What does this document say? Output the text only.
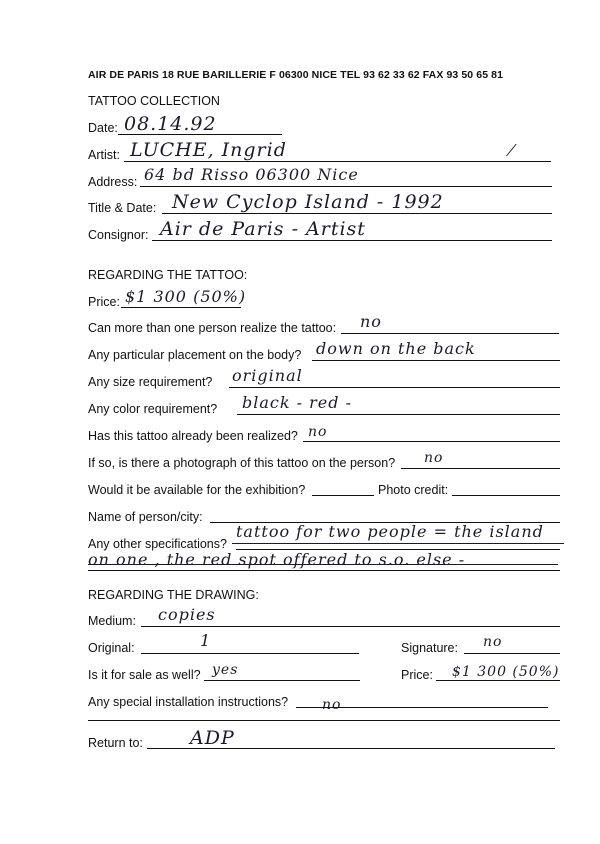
AIR DE PARIS 18 RUE BARILLERIE F 06300 NICE TEL 93 62 33 62 FAX 93 50 65 81
TATTOO COLLECTION
Date: 08.14.92
Artist: LUCHE, Ingrid	⁄
Address: 64 bd Risso 06300 Nice
Title & Date: New Cyclop Island - 1992
Consignor: Air de Paris - Artist
REGARDING THE TATTOO:
Price: $1 300 (50%)
Can more than one person realize the tattoo: no
Any particular placement on the body? down on the back
Any size requirement? original
Any color requirement? black - red -
Has this tattoo already been realized? no
If so, is there a photograph of this tattoo on the person? no
Would it be available for the exhibition?	Photo credit:
Name of person/city:
Any other specifications?
tattoo for two people = the island
on one , the red spot offered to s.o. else -
REGARDING THE DRAWING:
Medium: copies
Original:	1	Signature: no
Is it for sale as well? yes	Price: $1 300 (50%)
Any special installation instructions? no
Return to: ADP
